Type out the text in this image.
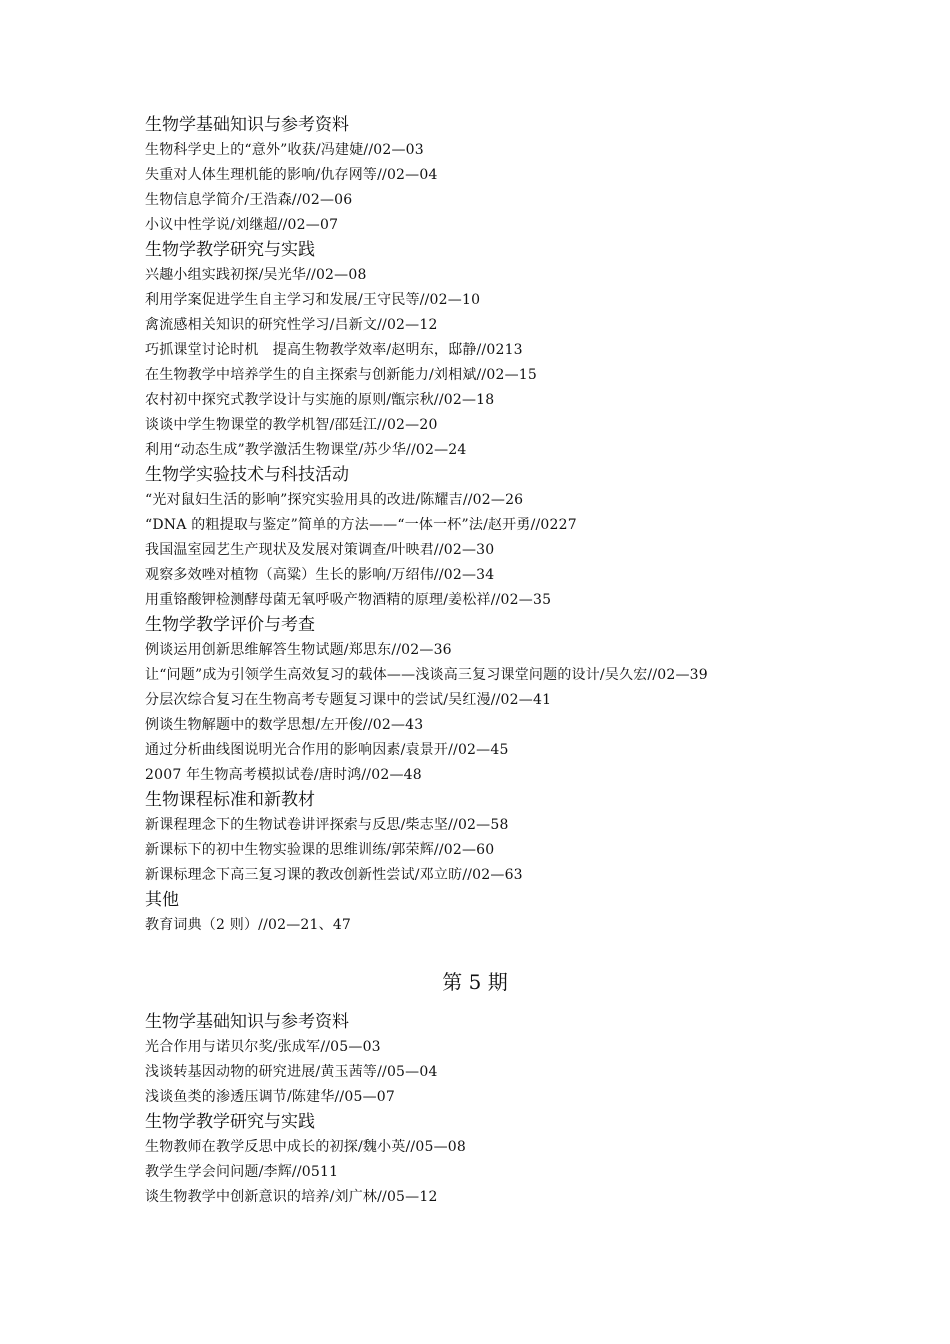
生物学基础知识与参考资料
生物科学史上的“意外”收获/冯建婕//02—03
失重对人体生理机能的影响/仇存网等//02—04
生物信息学简介/王浩森//02—06
小议中性学说/刘继超//02—07
生物学教学研究与实践
兴趣小组实践初探/吴光华//02—08
利用学案促进学生自主学习和发展/王守民等//02—10
禽流感相关知识的研究性学习/吕新文//02—12
巧抓课堂讨论时机　提高生物教学效率/赵明东，邸静//0213
在生物教学中培养学生的自主探索与创新能力/刘相斌//02—15
农村初中探究式教学设计与实施的原则/甑宗秋//02—18
谈谈中学生物课堂的教学机智/邵廷江//02—20
利用“动态生成”教学激活生物课堂/苏少华//02—24
生物学实验技术与科技活动
“光对鼠妇生活的影响”探究实验用具的改进/陈耀吉//02—26
“DNA 的粗提取与鉴定”简单的方法——“一体一杯”法/赵开勇//0227
我国温室园艺生产现状及发展对策调查/叶映君//02—30
观察多效唑对植物（高粱）生长的影响/万绍伟//02—34
用重铬酸钾检测酵母菌无氧呼吸产物酒精的原理/姜松祥//02—35
生物学教学评价与考查
例谈运用创新思维解答生物试题/郑思东//02—36
让“问题”成为引领学生高效复习的载体——浅谈高三复习课堂问题的设计/吴久宏//02—39
分层次综合复习在生物高考专题复习课中的尝试/吴红漫//02—41
例谈生物解题中的数学思想/左开俊//02—43
通过分析曲线图说明光合作用的影响因素/袁景开//02—45
2007 年生物高考模拟试卷/唐时鸿//02—48
生物课程标准和新教材
新课程理念下的生物试卷讲评探索与反思/柴志坚//02—58
新课标下的初中生物实验课的思维训练/郭荣辉//02—60
新课标理念下高三复习课的教改创新性尝试/邓立昉//02—63
其他
教育词典（2 则）//02—21、47
第 5 期
生物学基础知识与参考资料
光合作用与诺贝尔奖/张成军//05—03
浅谈转基因动物的研究进展/黄玉茜等//05—04
浅谈鱼类的渗透压调节/陈建华//05—07
生物学教学研究与实践
生物教师在教学反思中成长的初探/魏小英//05—08
教学生学会问问题/李辉//0511
谈生物教学中创新意识的培养/刘广林//05—12
